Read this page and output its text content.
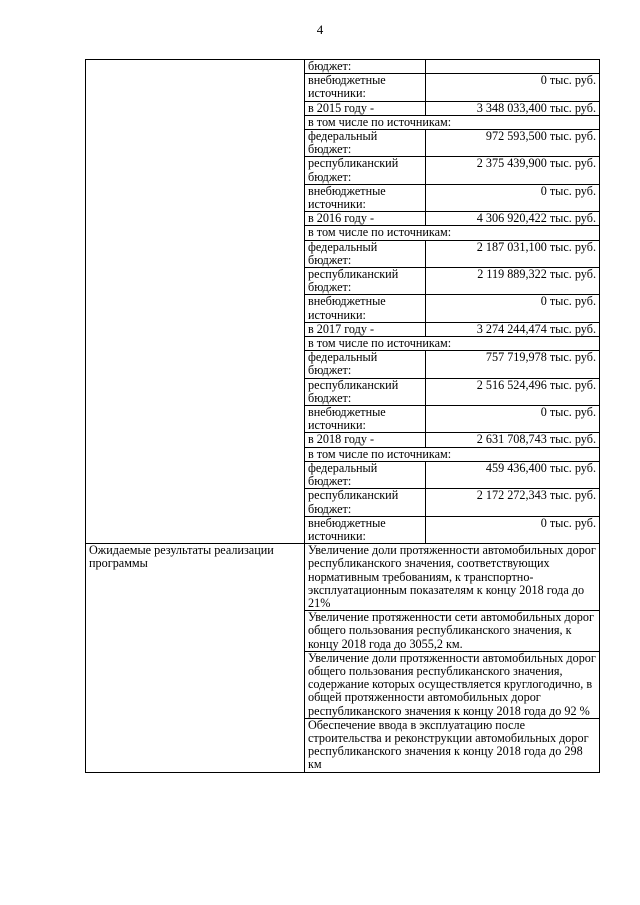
4
	бюджет:	
	внебюджетные источники:	0 тыс. руб.
	в 2015 году -	3 348 033,400 тыс. руб.
	в том числе по источникам:	
	федеральный бюджет:	972 593,500 тыс. руб.
	республиканский бюджет:	2 375 439,900 тыс. руб.
	внебюджетные источники:	0 тыс. руб.
	в 2016 году -	4 306 920,422 тыс. руб.
	в том числе по источникам:	
	федеральный бюджет:	2 187 031,100 тыс. руб.
	республиканский бюджет:	2 119 889,322 тыс. руб.
	внебюджетные источники:	0 тыс. руб.
	в 2017 году -	3 274 244,474 тыс. руб.
	в том числе по источникам:	
	федеральный бюджет:	757 719,978 тыс. руб.
	республиканский бюджет:	2 516 524,496 тыс. руб.
	внебюджетные источники:	0 тыс. руб.
	в 2018 году -	2 631 708,743 тыс. руб.
	в том числе по источникам:	
	федеральный бюджет:	459 436,400 тыс. руб.
	республиканский бюджет:	2 172 272,343 тыс. руб.
	внебюджетные источники:	0 тыс. руб.
Ожидаемые результаты реализации программы	Увеличение доли протяженности автомобильных дорог республиканского значения, соответствующих нормативным требованиям, к транспортно-эксплуатационным показателям к концу 2018 года до 21%	
	Увеличение протяженности сети автомобильных дорог общего пользования республиканского значения, к концу 2018 года до 3055,2 км.	
	Увеличение доли протяженности автомобильных дорог общего пользования республиканского значения, содержание которых осуществляется круглогодично, в общей протяженности автомобильных дорог республиканского значения к концу 2018 года до 92 %	
	Обеспечение ввода в эксплуатацию после строительства и реконструкции автомобильных дорог республиканского значения к концу 2018 года до 298 км	
